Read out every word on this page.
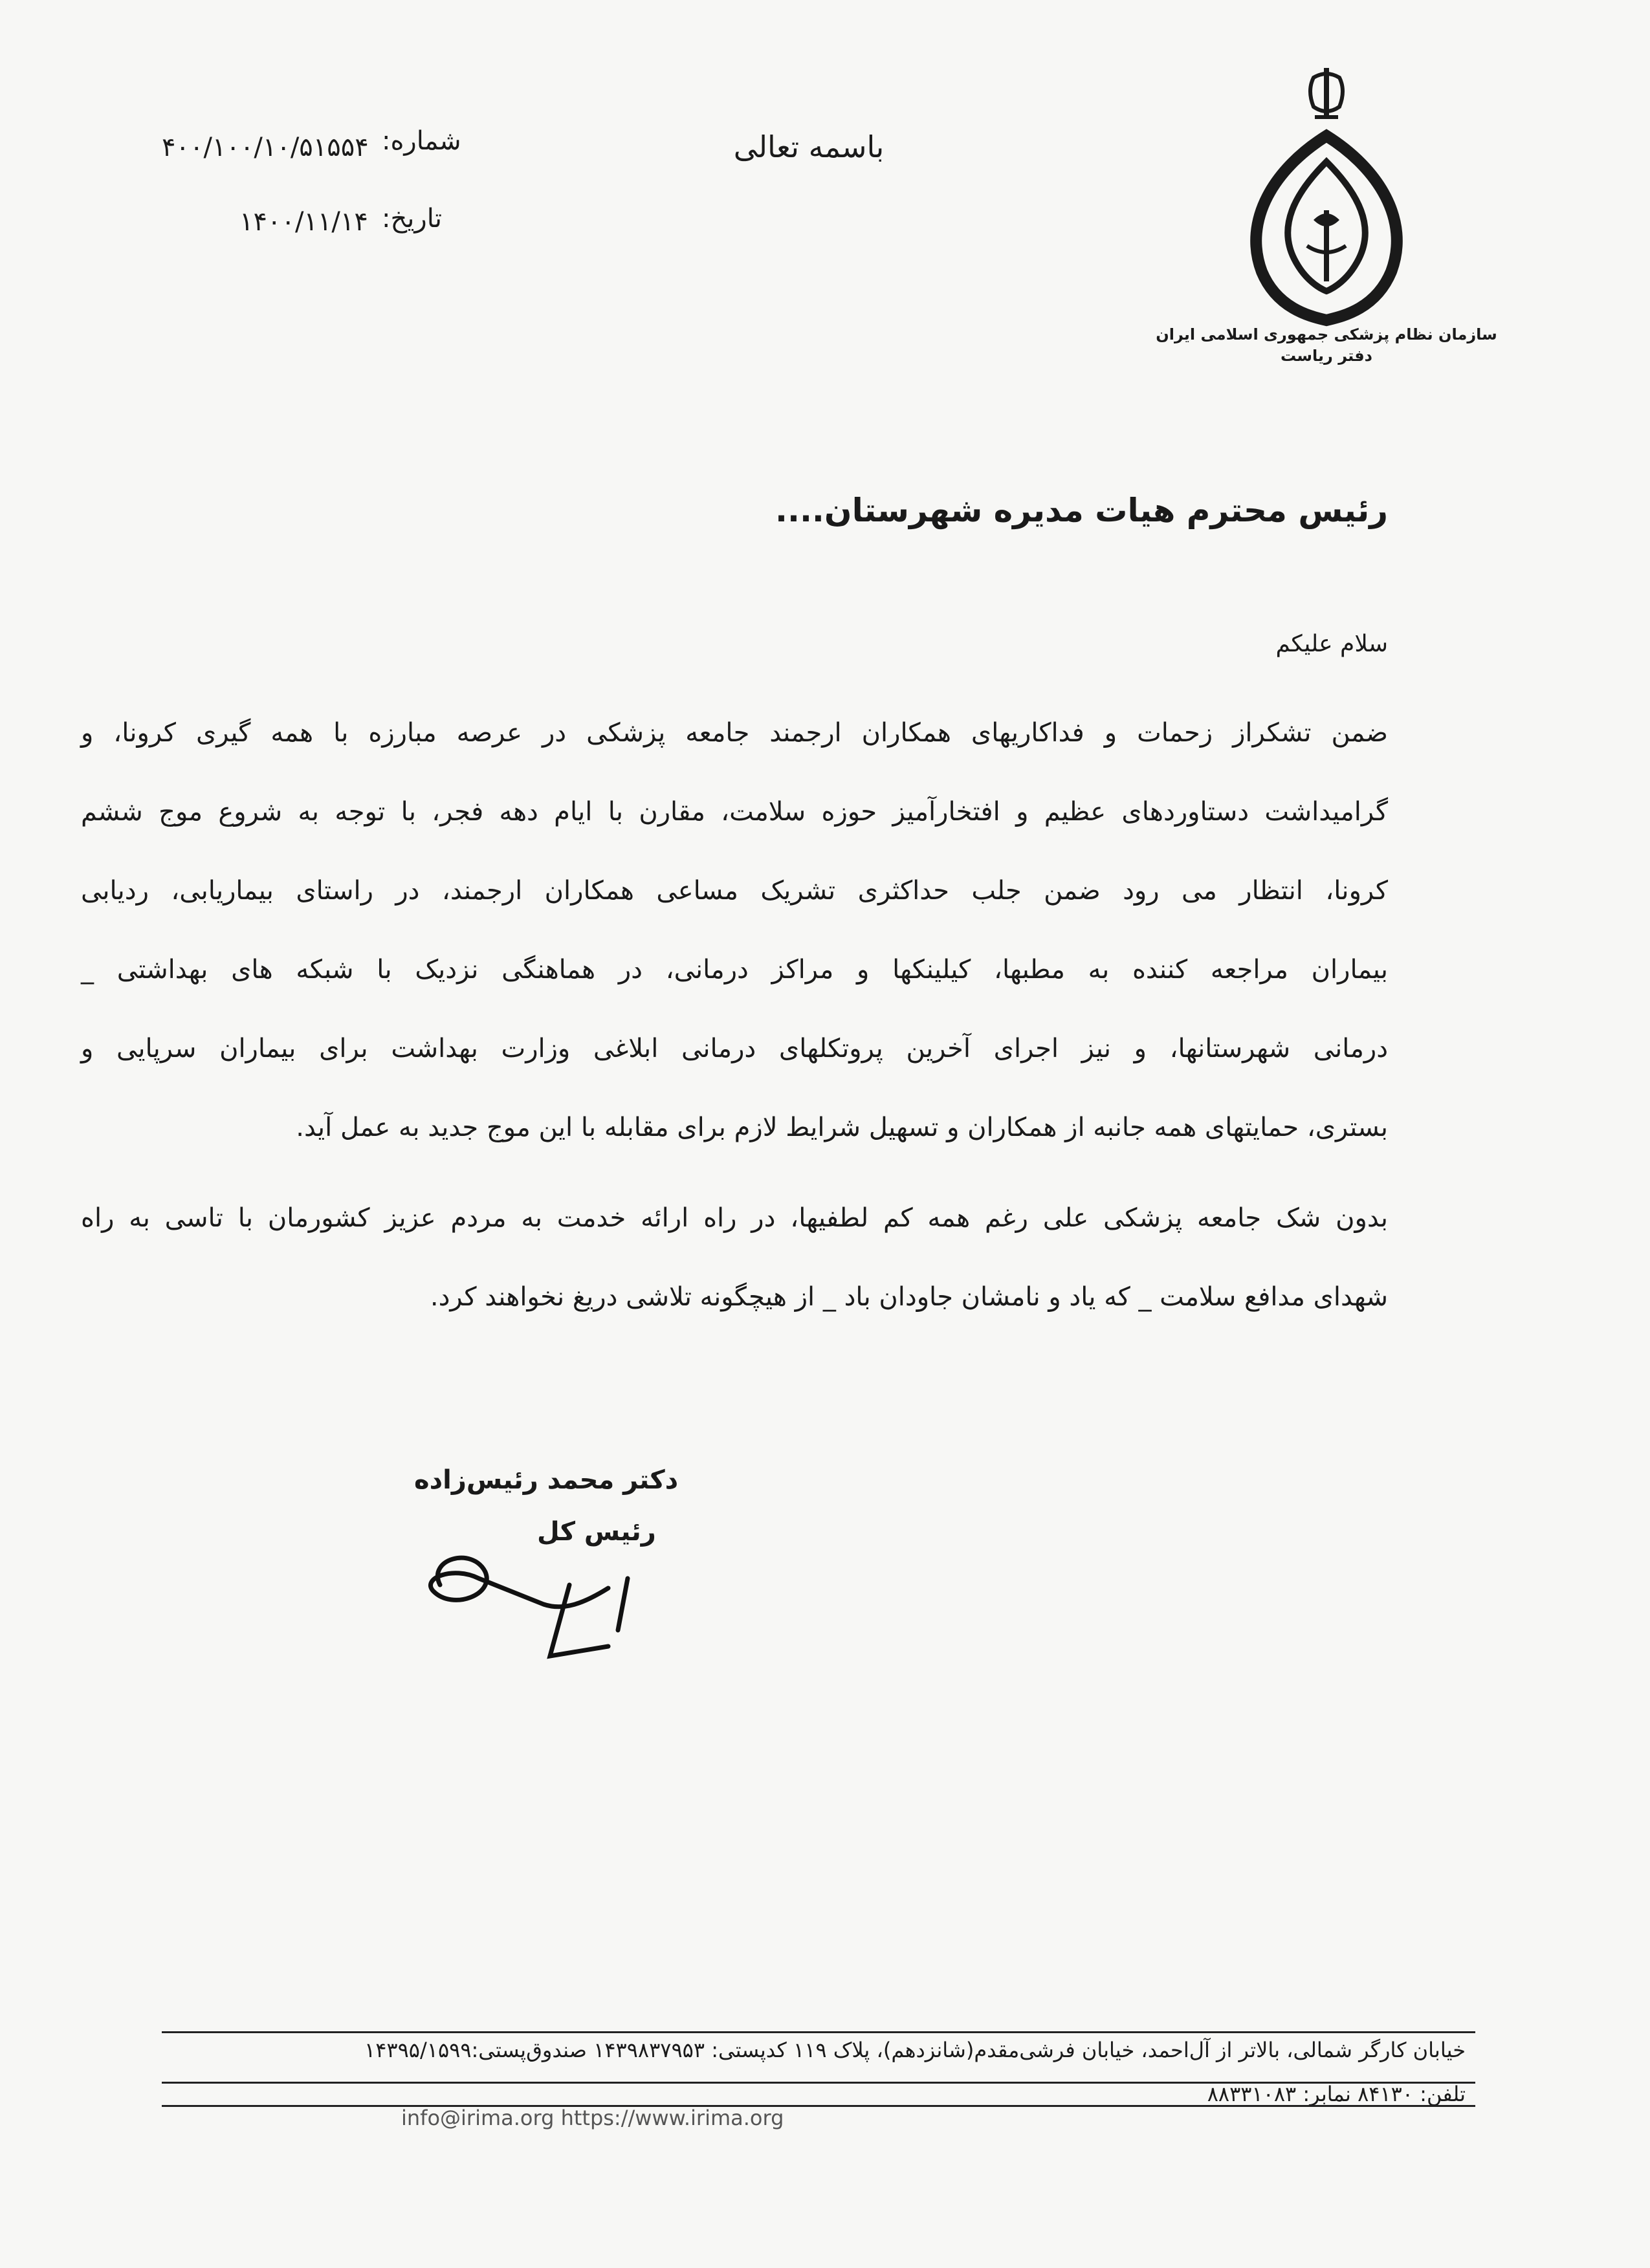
سازمان نظام پزشکی جمهوری اسلامی ایران
دفتر ریاست
باسمه تعالی
شماره:
۴۰۰/۱۰۰/۱۰/۵۱۵۵۴
تاریخ:
۱۴۰۰/۱۱/۱۴
رئیس محترم هیات مدیره شهرستان....
سلام علیکم
ضمن تشکراز زحمات و فداکاریهای همکاران ارجمند جامعه پزشکی در عرصه مبارزه با همه گیری کرونا، و
گرامیداشت دستاوردهای عظیم و افتخارآمیز حوزه سلامت، مقارن با ایام دهه فجر، با توجه به شروع موج ششم
کرونا، انتظار می رود ضمن جلب حداکثری تشریک مساعی همکاران ارجمند، در راستای بیماریابی، ردیابی
بیماران مراجعه کننده به مطبها، کیلینکها و مراکز درمانی، در هماهنگی نزدیک با شبکه های بهداشتی _
درمانی شهرستانها، و نیز اجرای آخرین پروتکلهای درمانی ابلاغی وزارت بهداشت برای بیماران سرپایی و
بستری، حمایتهای همه جانبه از همکاران و تسهیل شرایط لازم برای مقابله با این موج جدید به عمل آید.
بدون شک جامعه پزشکی علی رغم همه کم لطفیها، در راه ارائه خدمت به مردم عزیز کشورمان با تاسی به راه
شهدای مدافع سلامت _ که یاد و نامشان جاودان باد _ از هیچگونه تلاشی دریغ نخواهند کرد.
دکتر محمد رئیس‌زاده
رئیس کل
خیابان کارگر شمالی، بالاتر از آل‌احمد، خیابان فرشی‌مقدم(شانزدهم)، پلاک ۱۱۹ کدپستی: ۱۴۳۹۸۳۷۹۵۳ صندوق‌پستی:۱۴۳۹۵/۱۵۹۹
تلفن: ۸۴۱۳۰ نمابر: ۸۸۳۳۱۰۸۳
info@irima.org https://www.irima.org
